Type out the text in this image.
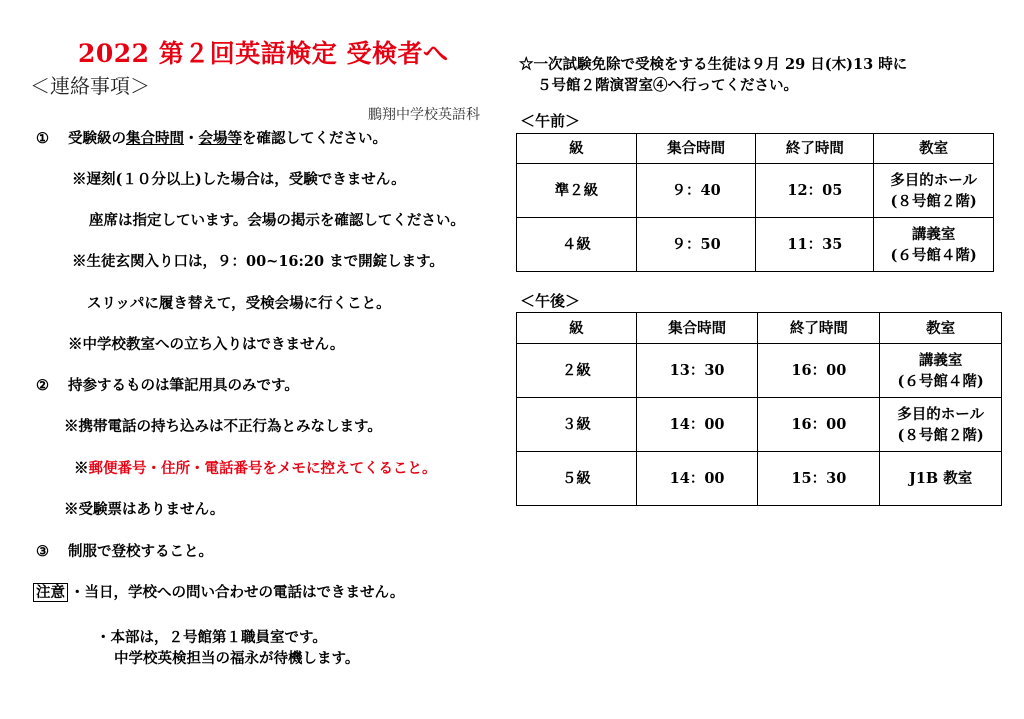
2022 第２回英語検定 受検者へ
＜連絡事項＞
鵬翔中学校英語科
① 受験級の集合時間・会場等を確認してください。
※遅刻(１０分以上)した場合は，受験できません。
座席は指定しています。会場の掲示を確認してください。
※生徒玄関入り口は，９：00~16:20 まで開錠します。
スリッパに履き替えて，受検会場に行くこと。
※中学校教室への立ち入りはできません。
② 持参するものは筆記用具のみです。
※携帯電話の持ち込みは不正行為とみなします。
※郵便番号・住所・電話番号をメモに控えてくること。
※受験票はありません。
③ 制服で登校すること。
注意 ・当日，学校への問い合わせの電話はできません。
・本部は，２号館第１職員室です。
中学校英検担当の福永が待機します。
☆一次試験免除で受検をする生徒は９月 29 日(木)13 時に
５号館２階演習室④へ行ってください。
＜午前＞
級	集合時間	終了時間	教室
準２級	９：40	12：05	多目的ホール
(８号館２階)

４級	９：50	11：35	講義室
(６号館４階)
＜午後＞
級	集合時間	終了時間	教室
２級	13：30	16：00	講義室
(６号館４階)

３級	14：00	16：00	多目的ホール
(８号館２階)

５級	14：00	15：30	J1B 教室
